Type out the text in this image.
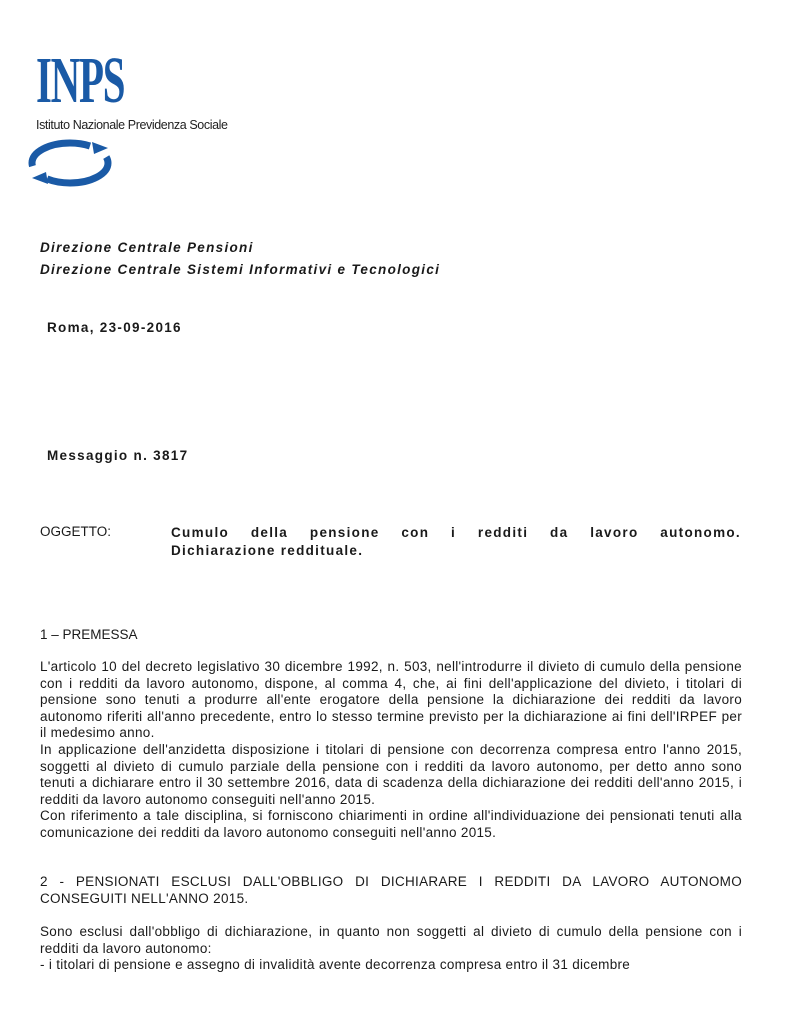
INPS
Istituto Nazionale Previdenza Sociale
Direzione Centrale Pensioni
Direzione Centrale Sistemi Informativi e Tecnologici
Roma, 23-09-2016
Messaggio n. 3817
OGGETTO:	Cumulo della pensione con i redditi da lavoro autonomo.
Dichiarazione reddituale.
1 – PREMESSA

L'articolo 10 del decreto legislativo 30 dicembre 1992, n. 503, nell'introdurre il divieto di cumulo della pensione con i redditi da lavoro autonomo, dispone, al comma 4, che, ai fini dell'applicazione del divieto, i titolari di pensione sono tenuti a produrre all'ente erogatore della pensione la dichiarazione dei redditi da lavoro autonomo riferiti all'anno precedente, entro lo stesso termine previsto per la dichiarazione ai fini dell'IRPEF per il medesimo anno.

In applicazione dell'anzidetta disposizione i titolari di pensione con decorrenza compresa entro l'anno 2015, soggetti al divieto di cumulo parziale della pensione con i redditi da lavoro autonomo, per detto anno sono tenuti a dichiarare entro il 30 settembre 2016, data di scadenza della dichiarazione dei redditi dell'anno 2015, i redditi da lavoro autonomo conseguiti nell'anno 2015.

Con riferimento a tale disciplina, si forniscono chiarimenti in ordine all'individuazione dei pensionati tenuti alla comunicazione dei redditi da lavoro autonomo conseguiti nell'anno 2015.

2 - PENSIONATI ESCLUSI DALL'OBBLIGO DI DICHIARARE I REDDITI DA LAVORO AUTONOMO CONSEGUITI NELL'ANNO 2015.

Sono esclusi dall'obbligo di dichiarazione, in quanto non soggetti al divieto di cumulo della pensione con i redditi da lavoro autonomo:

- i titolari di pensione e assegno di invalidità avente decorrenza compresa entro il 31 dicembre
